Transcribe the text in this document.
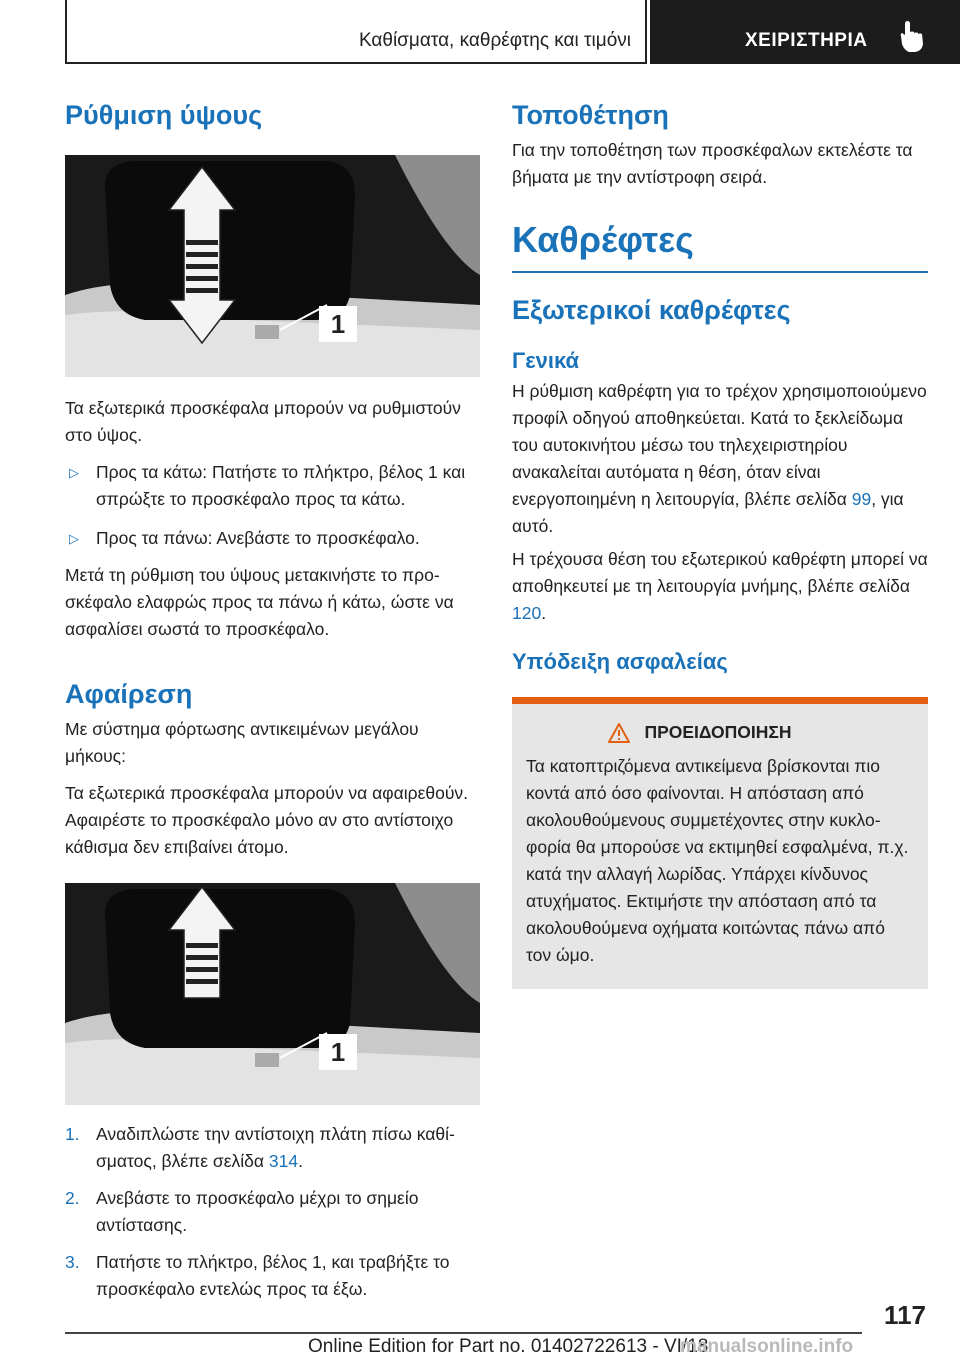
Καθίσματα, καθρέφτης και τιμόνι	ΧΕΙΡΙΣΤΗΡΙΑ
Ρύθμιση ύψους
1

Τα εξωτερικά προσκέφαλα μπορούν να ρυθμιστούν στο ύψος.

▷ Προς τα κάτω: Πατήστε το πλήκτρο, βέλος 1 και σπρώξτε το προσκέφαλο προς τα κάτω.
▷ Προς τα πάνω: Ανεβάστε το προσκέφαλο.

Μετά τη ρύθμιση του ύψους μετακινήστε το προσκέφαλο ελαφρώς προς τα πάνω ή κάτω, ώστε να ασφαλίσει σωστά το προσκέφαλο.

Αφαίρεση

Με σύστημα φόρτωσης αντικειμένων μεγάλου μήκους:

Τα εξωτερικά προσκέφαλα μπορούν να αφαιρεθούν. Αφαιρέστε το προσκέφαλο μόνο αν στο αντίστοιχο κάθισμα δεν επιβαίνει άτομο.

1
1. Αναδιπλώστε την αντίστοιχη πλάτη πίσω καθίσματος, βλέπε σελίδα 314.
2. Ανεβάστε το προσκέφαλο μέχρι το σημείο αντίστασης.
3. Πατήστε το πλήκτρο, βέλος 1, και τραβήξτε το προσκέφαλο εντελώς προς τα έξω.
Τοποθέτηση

Για την τοποθέτηση των προσκέφαλων εκτελέστε τα βήματα με την αντίστροφη σειρά.

Καθρέφτες
Εξωτερικοί καθρέφτες
Γενικά

Η ρύθμιση καθρέφτη για το τρέχον χρησιμοποιούμενο προφίλ οδηγού αποθηκεύεται. Κατά το ξεκλείδωμα του αυτοκινήτου μέσω του τηλεχειριστηρίου ανακαλείται αυτόματα η θέση, όταν είναι ενεργοποιημένη η λειτουργία, βλέπε σελίδα 99, για αυτό.

Η τρέχουσα θέση του εξωτερικού καθρέφτη μπορεί να αποθηκευτεί με τη λειτουργία μνήμης, βλέπε σελίδα 120.

Υπόδειξη ασφαλείας
ΠΡΟΕΙΔΟΠΟΙΗΣΗ

Τα κατοπτριζόμενα αντικείμενα βρίσκονται πιο κοντά από όσο φαίνονται. Η απόσταση από ακολουθούμενους συμμετέχοντες στην κυκλοφορία θα μπορούσε να εκτιμηθεί εσφαλμένα, π.χ. κατά την αλλαγή λωρίδας. Υπάρχει κίνδυνος ατυχήματος. Εκτιμήστε την απόσταση από τα ακολουθούμενα οχήματα κοιτώντας πάνω από τον ώμο.

117
Online Edition for Part no. 01402722613 - VI/18
manualsonline.info
